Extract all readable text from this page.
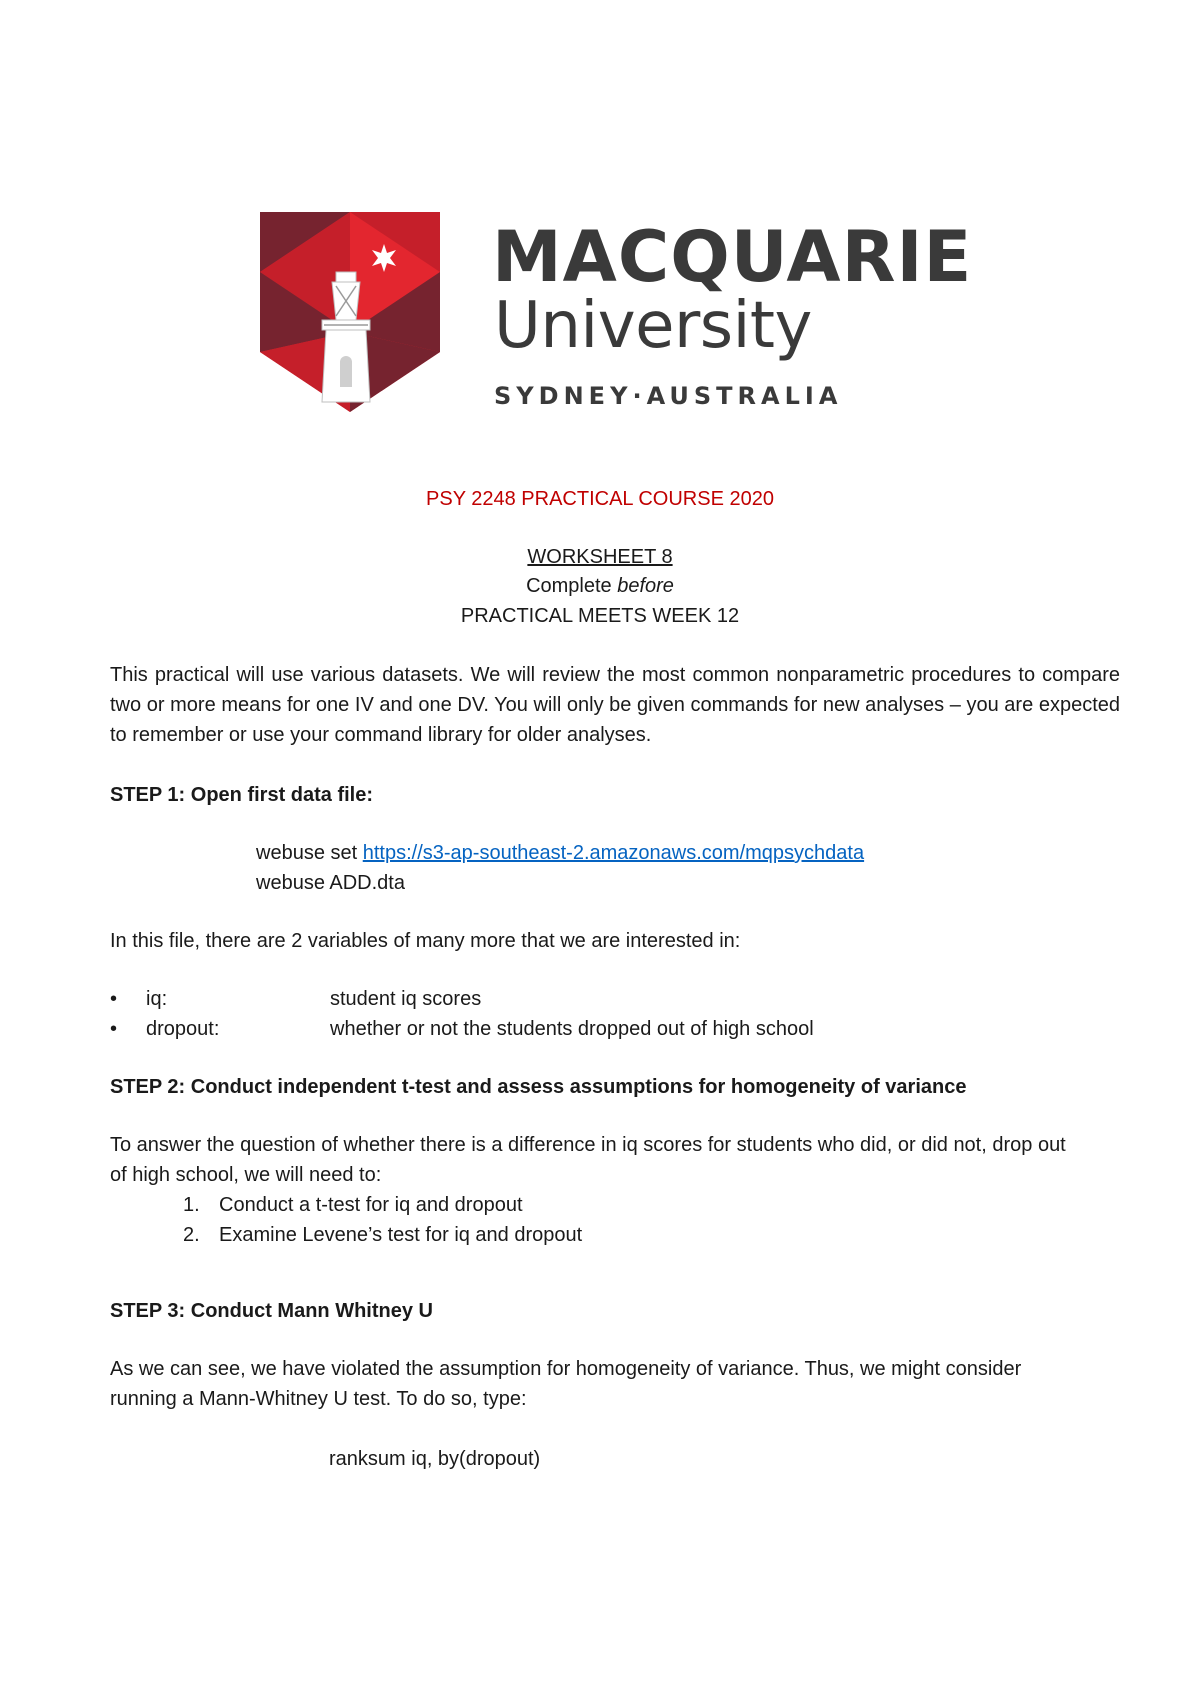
MACQUARIE
University
SYDNEY·AUSTRALIA
PSY 2248 PRACTICAL COURSE 2020
WORKSHEET 8
Complete before
PRACTICAL MEETS WEEK 12
This practical will use various datasets. We will review the most common nonparametric procedures to compare two or more means for one IV and one DV. You will only be given commands for new analyses – you are expected to remember or use your command library for older analyses.
STEP 1: Open first data file:
webuse set https://s3-ap-southeast-2.amazonaws.com/mqpsychdata
webuse ADD.dta
In this file, there are 2 variables of many more that we are interested in:
• iq:	student iq scores
• dropout:	whether or not the students dropped out of high school
STEP 2: Conduct independent t-test and assess assumptions for homogeneity of variance
To answer the question of whether there is a difference in iq scores for students who did, or did not, drop out of high school, we will need to:
1. Conduct a t-test for iq and dropout
2. Examine Levene’s test for iq and dropout
STEP 3: Conduct Mann Whitney U
As we can see, we have violated the assumption for homogeneity of variance. Thus, we might consider running a Mann-Whitney U test. To do so, type:
ranksum iq, by(dropout)
